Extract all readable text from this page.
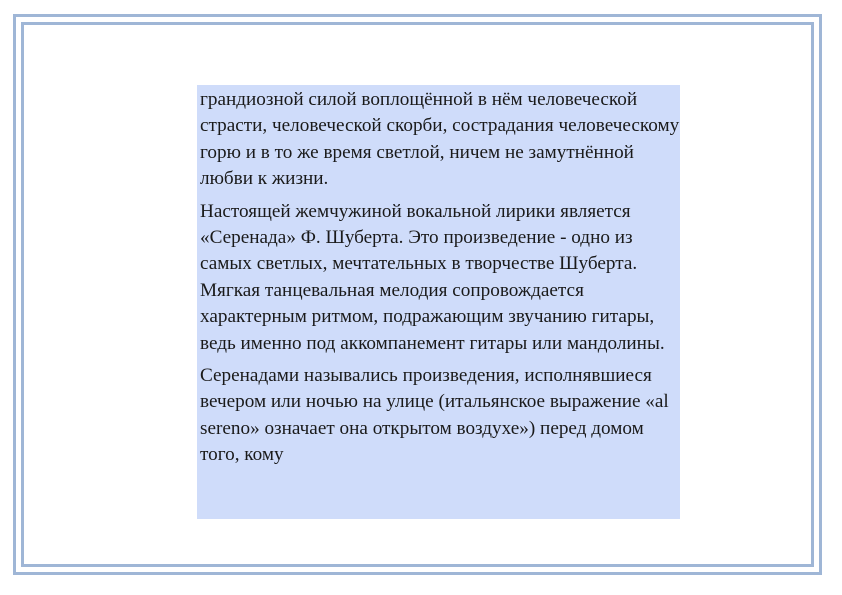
грандиозной силой воплощённой в нём человеческой страсти, человеческой скорби, сострадания человеческому горю и в то же время светлой, ничем не замутнённой любви к жизни.

Настоящей жемчужиной вокальной лирики является «Серенада» Ф. Шуберта. Это произведение - одно из самых светлых, мечтательных в творчестве Шуберта. Мягкая танцевальная мелодия сопровождается характерным ритмом, подражающим звучанию гитары, ведь именно под аккомпанемент гитары или мандолины.

Серенадами назывались произведения, исполнявшиеся вечером или ночью на улице (итальянское выражение «al sereno» означает она открытом воздухе») перед домом того, кому
